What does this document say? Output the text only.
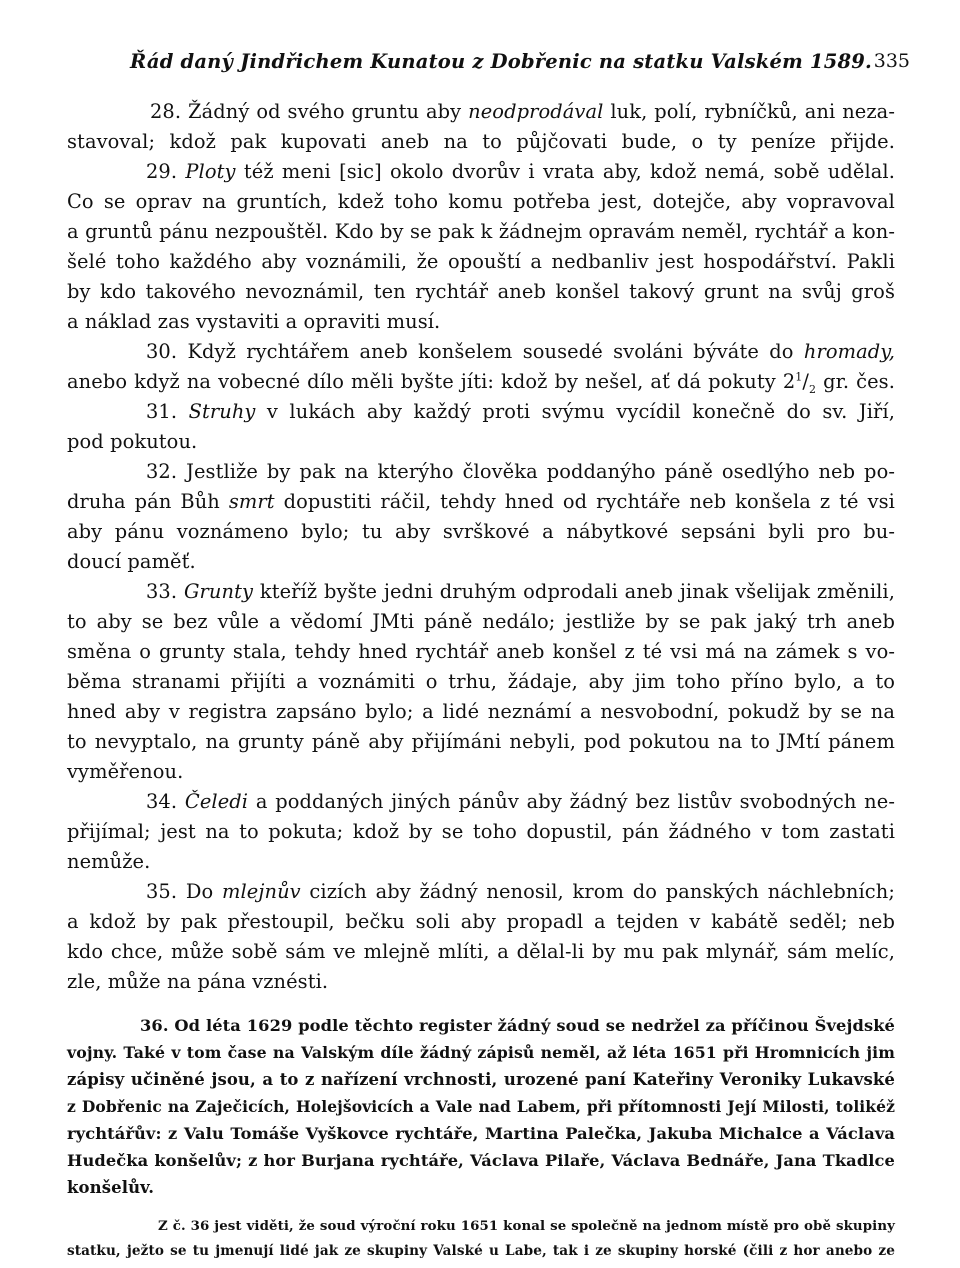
Řád daný Jindřichem Kunatou z Dobřenic na statku Valském 1589. 335
28. Žádný od svého gruntu aby neodprodával luk, polí, rybníčků, ani neza-
stavoval; kdož pak kupovati aneb na to půjčovati bude, o ty peníze přijde.
29. Ploty též meni [sic] okolo dvorův i vrata aby, kdož nemá, sobě udělal.
Co se oprav na gruntích, kdež toho komu potřeba jest, dotejče, aby vopravoval
a gruntů pánu nezpouštěl. Kdo by se pak k žádnejm opravám neměl, rychtář a kon-
šelé toho každého aby voznámili, že opouští a nedbanliv jest hospodářství. Pakli
by kdo takového nevoznámil, ten rychtář aneb konšel takový grunt na svůj groš
a náklad zas vystaviti a opraviti musí.
30. Když rychtářem aneb konšelem sousedé svoláni býváte do hromady,
anebo když na vobecné dílo měli byšte jíti: kdož by nešel, ať dá pokuty $2^1/_2$ gr. čes.
31. Struhy v lukách aby každý proti svýmu vycídil konečně do sv. Jiří,
pod pokutou.
32. Jestliže by pak na kterýho člověka poddanýho páně osedlýho neb po-
druha pán Bůh smrt dopustiti ráčil, tehdy hned od rychtáře neb konšela z té vsi
aby pánu voznámeno bylo; tu aby svrškové a nábytkové sepsáni byli pro bu-
doucí paměť.
33. Grunty kteříž byšte jedni druhým odprodali aneb jinak všelijak změnili,
to aby se bez vůle a vědomí JMti páně nedálo; jestliže by se pak jaký trh aneb
směna o grunty stala, tehdy hned rychtář aneb konšel z té vsi má na zámek s vo-
běma stranami přijíti a voznámiti o trhu, žádaje, aby jim toho příno bylo, a to
hned aby v registra zapsáno bylo; a lidé neznámí a nesvobodní, pokudž by se na
to nevyptalo, na grunty páně aby přijímáni nebyli, pod pokutou na to JMtí pánem
vyměřenou.
34. Čeledi a poddaných jiných pánův aby žádný bez listův svobodných ne-
přijímal; jest na to pokuta; kdož by se toho dopustil, pán žádného v tom zastati
nemůže.
35. Do mlejnův cizích aby žádný nenosil, krom do panských náchlebních;
a kdož by pak přestoupil, bečku soli aby propadl a tejden v kabátě seděl; neb
kdo chce, může sobě sám ve mlejně mlíti, a dělal-li by mu pak mlynář, sám melíc,
zle, může na pána vznésti.
36. Od léta 1629 podle těchto register žádný soud se nedržel za příčinou Švejdské
vojny. Také v tom čase na Valským díle žádný zápisů neměl, až léta 1651 při Hromnicích jim
zápisy učiněné jsou, a to z nařízení vrchnosti, urozené paní Kateřiny Veroniky Lukavské
z Dobřenic na Zaječicích, Holejšovicích a Vale nad Labem, při přítomnosti Její Milosti, tolikéž
rychtářův: z Valu Tomáše Vyškovce rychtáře, Martina Palečka, Jakuba Michalce a Václava
Hudečka konšelův; z hor Burjana rychtáře, Václava Pilaře, Václava Bednáře, Jana Tkadlce
konšelův.
Z č. 36 jest viděti, že soud výroční roku 1651 konal se společně na jednom místě pro obě skupiny
statku, ježto se tu jmenují lidé jak ze skupiny Valské u Labe, tak i ze skupiny horské (čili z hor anebo ze
